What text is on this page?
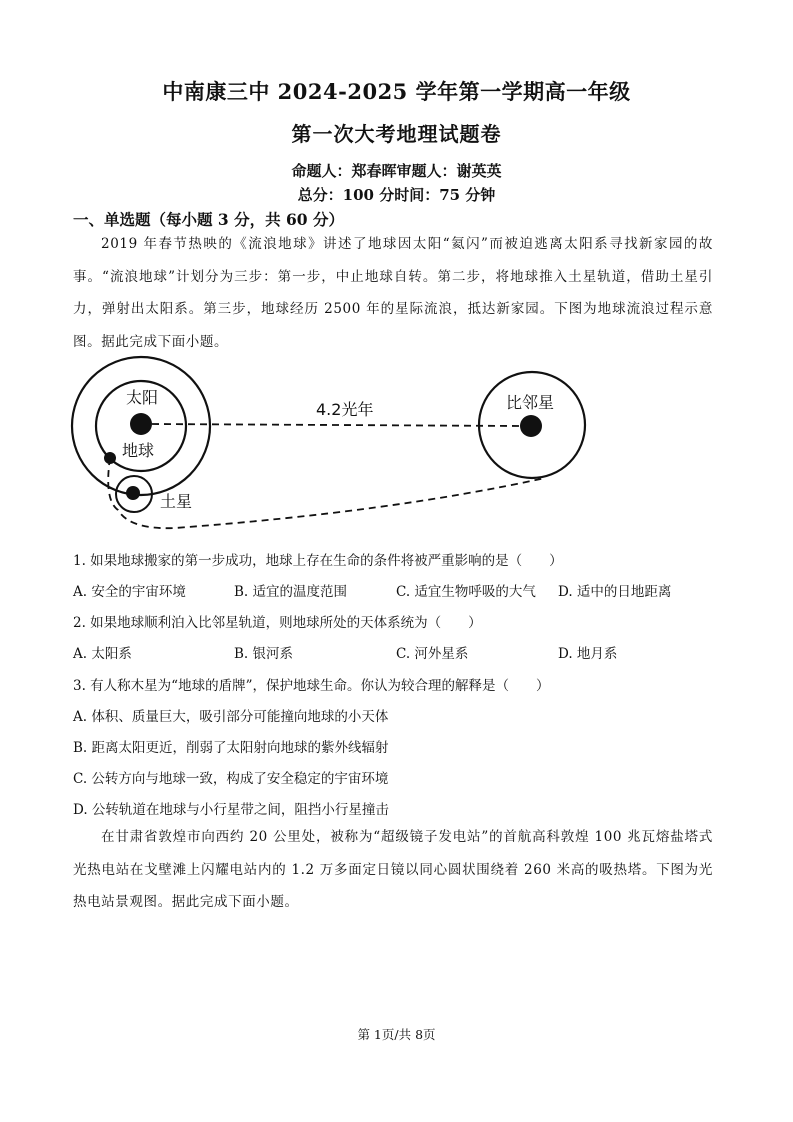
中南康三中 2024-2025 学年第一学期高一年级
第一次大考地理试题卷
命题人：郑春晖审题人：谢英英
总分：100 分时间：75 分钟
一、单选题（每小题 3 分，共 60 分）
2019 年春节热映的《流浪地球》讲述了地球因太阳“氦闪”而被迫逃离太阳系寻找新家园的故事。“流浪地球”计划分为三步：第一步，中止地球自转。第二步，将地球推入土星轨道，借助土星引力，弹射出太阳系。第三步，地球经历 2500 年的星际流浪，抵达新家园。下图为地球流浪过程示意图。据此完成下面小题。
太阳
地球
土星
比邻星
4.2光年
1. 如果地球搬家的第一步成功，地球上存在生命的条件将被严重影响的是（　　）
A. 安全的宇宙环境	B. 适宜的温度范围	C. 适宜生物呼吸的大气 D. 适中的日地距离
2. 如果地球顺利泊入比邻星轨道，则地球所处的天体系统为（　　）
A. 太阳系	B. 银河系	C. 河外星系	D. 地月系
3. 有人称木星为“地球的盾牌”，保护地球生命。你认为较合理的解释是（　　）
A. 体积、质量巨大，吸引部分可能撞向地球的小天体
B. 距离太阳更近，削弱了太阳射向地球的紫外线辐射
C. 公转方向与地球一致，构成了安全稳定的宇宙环境
D. 公转轨道在地球与小行星带之间，阻挡小行星撞击
在甘肃省敦煌市向西约 20 公里处，被称为“超级镜子发电站”的首航高科敦煌 100 兆瓦熔盐塔式光热电站在戈壁滩上闪耀电站内的 1.2 万多面定日镜以同心圆状围绕着 260 米高的吸热塔。下图为光热电站景观图。据此完成下面小题。
第 1页/共 8页
